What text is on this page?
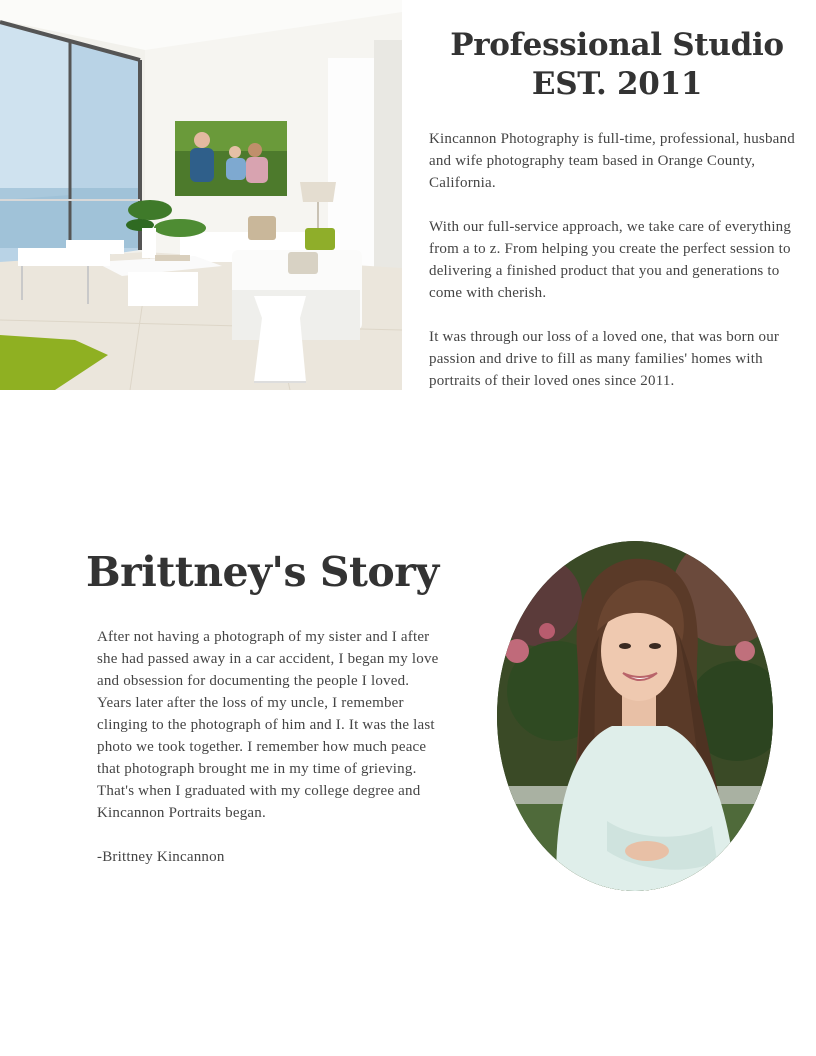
Professional Studio
EST. 2011

Kincannon Photography is full-time, professional, husband and wife photography team based in Orange County, California.

With our full-service approach, we take care of everything from a to z. From helping you create the perfect session to delivering a finished product that you and generations to come with cherish.

It was through our loss of a loved one, that was born our passion and drive to fill as many families' homes with portraits of their loved ones since 2011.

Brittney's Story

After not having a photograph of my sister and I after she had passed away in a car accident, I began my love and obsession for documenting the people I loved. Years later after the loss of my uncle, I remember clinging to the photograph of him and I. It was the last photo we took together. I remember how much peace that photograph brought me in my time of grieving. That's when I graduated with my college degree and Kincannon Portraits began.

-Brittney Kincannon
